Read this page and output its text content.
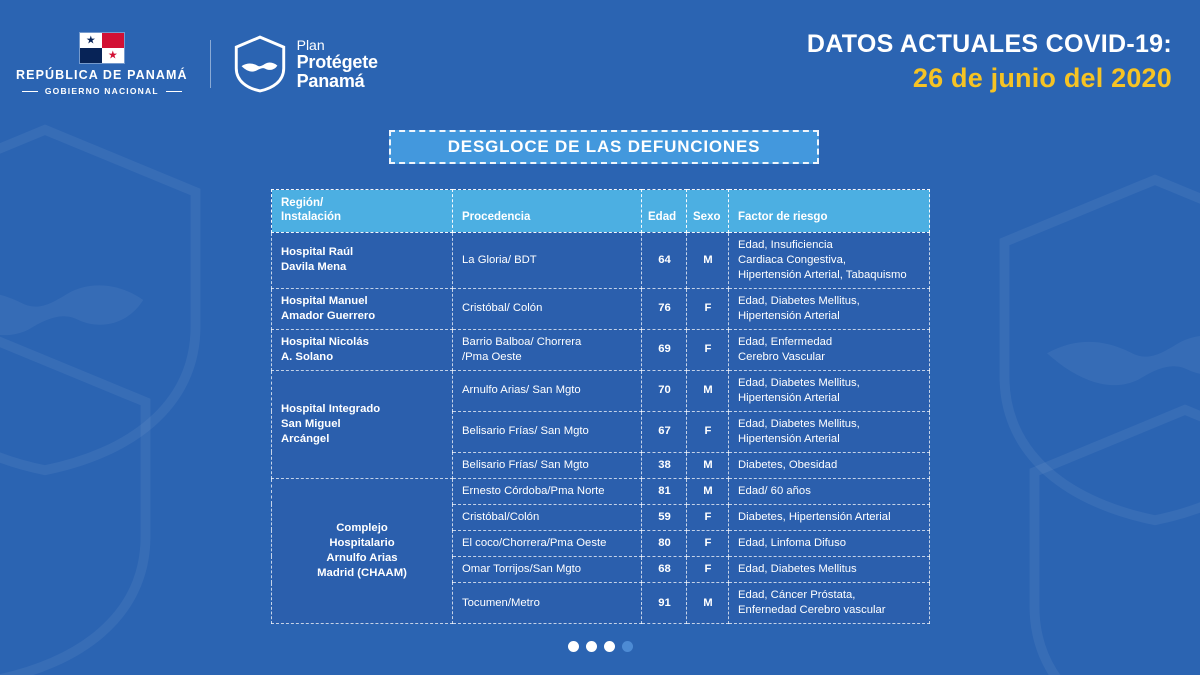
★
★
REPÚBLICA DE PANAMÁ
GOBIERNO NACIONAL
Plan
Protégete
Panamá
DATOS ACTUALES COVID-19:
26 de junio del 2020
DESGLOCE DE LAS DEFUNCIONES
Región/
Instalación	Procedencia	Edad	Sexo	Factor de riesgo
Hospital Raúl
Davila Mena	La Gloria/ BDT	64	M	Edad, Insuficiencia
Cardiaca Congestiva,
Hipertensión Arterial, Tabaquismo
Hospital Manuel
Amador Guerrero	Cristóbal/ Colón	76	F	Edad, Diabetes Mellitus,
Hipertensión Arterial
Hospital Nicolás
A. Solano	Barrio Balboa/ Chorrera
/Pma Oeste	69	F	Edad, Enfermedad
Cerebro Vascular
Hospital Integrado
San Miguel
Arcángel	Arnulfo Arias/ San Mgto	70	M	Edad, Diabetes Mellitus,
Hipertensión Arterial
	Belisario Frías/ San Mgto	67	F	Edad, Diabetes Mellitus,
Hipertensión Arterial
	Belisario Frías/ San Mgto	38	M	Diabetes, Obesidad
Complejo
Hospitalario
Arnulfo Arias
Madrid (CHAAM)	Ernesto Córdoba/Pma Norte	81	M	Edad/ 60 años
	Cristóbal/Colón	59	F	Diabetes, Hipertensión Arterial
	El coco/Chorrera/Pma Oeste	80	F	Edad, Linfoma Difuso
	Omar Torrijos/San Mgto	68	F	Edad, Diabetes Mellitus
	Tocumen/Metro	91	M	Edad, Cáncer Próstata,
Enfernedad Cerebro vascular
